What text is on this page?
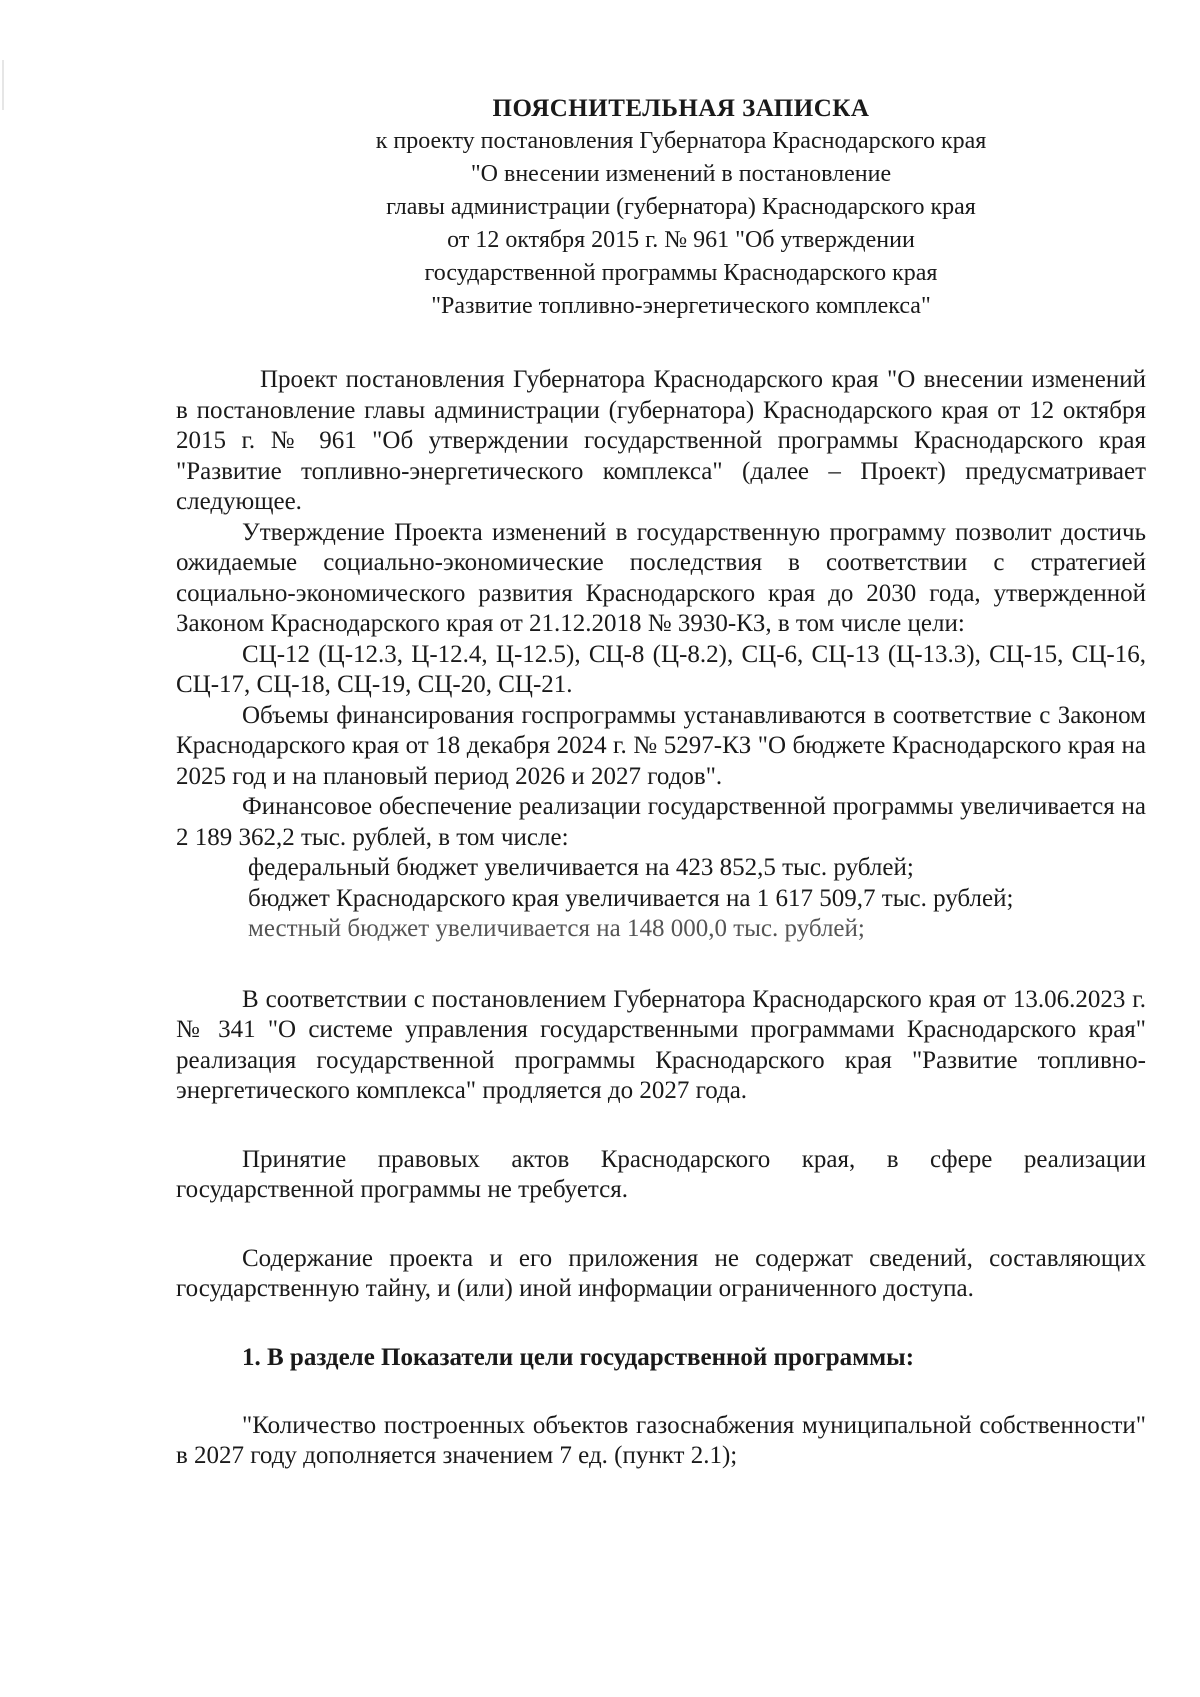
ПОЯСНИТЕЛЬНАЯ ЗАПИСКА
к проекту постановления Губернатора Краснодарского края
"О внесении изменений в постановление
главы администрации (губернатора) Краснодарского края
от 12 октября 2015 г. № 961 "Об утверждении
государственной программы Краснодарского края
"Развитие топливно-энергетического комплекса"
Проект постановления Губернатора Краснодарского края "О внесении изменений в постановление главы администрации (губернатора) Краснодарского края от 12 октября 2015 г. № 961 "Об утверждении государственной программы Краснодарского края "Развитие топливно-энергетического комплекса" (далее – Проект) предусматривает следующее.
Утверждение Проекта изменений в государственную программу позволит достичь ожидаемые социально-экономические последствия в соответствии с стратегией социально-экономического развития Краснодарского края до 2030 года, утвержденной Законом Краснодарского края от 21.12.2018 № 3930-КЗ, в том числе цели:
СЦ-12 (Ц-12.3, Ц-12.4, Ц-12.5), СЦ-8 (Ц-8.2), СЦ-6, СЦ-13 (Ц-13.3), СЦ-15, СЦ-16, СЦ-17, СЦ-18, СЦ-19, СЦ-20, СЦ-21.
Объемы финансирования госпрограммы устанавливаются в соответствие с Законом Краснодарского края от 18 декабря 2024 г. № 5297-КЗ "О бюджете Краснодарского края на 2025 год и на плановый период 2026 и 2027 годов".
Финансовое обеспечение реализации государственной программы увеличивается на 2 189 362,2 тыс. рублей, в том числе:
федеральный бюджет увеличивается на 423 852,5 тыс. рублей;
бюджет Краснодарского края увеличивается на 1 617 509,7 тыс. рублей;
местный бюджет увеличивается на 148 000,0 тыс. рублей;
В соответствии с постановлением Губернатора Краснодарского края от 13.06.2023 г. № 341 "О системе управления государственными программами Краснодарского края" реализация государственной программы Краснодарского края "Развитие топливно-энергетического комплекса" продляется до 2027 года.
Принятие правовых актов Краснодарского края, в сфере реализации государственной программы не требуется.
Содержание проекта и его приложения не содержат сведений, составляющих государственную тайну, и (или) иной информации ограниченного доступа.
1. В разделе Показатели цели государственной программы:
"Количество построенных объектов газоснабжения муниципальной собственности" в 2027 году дополняется значением 7 ед. (пункт 2.1);
